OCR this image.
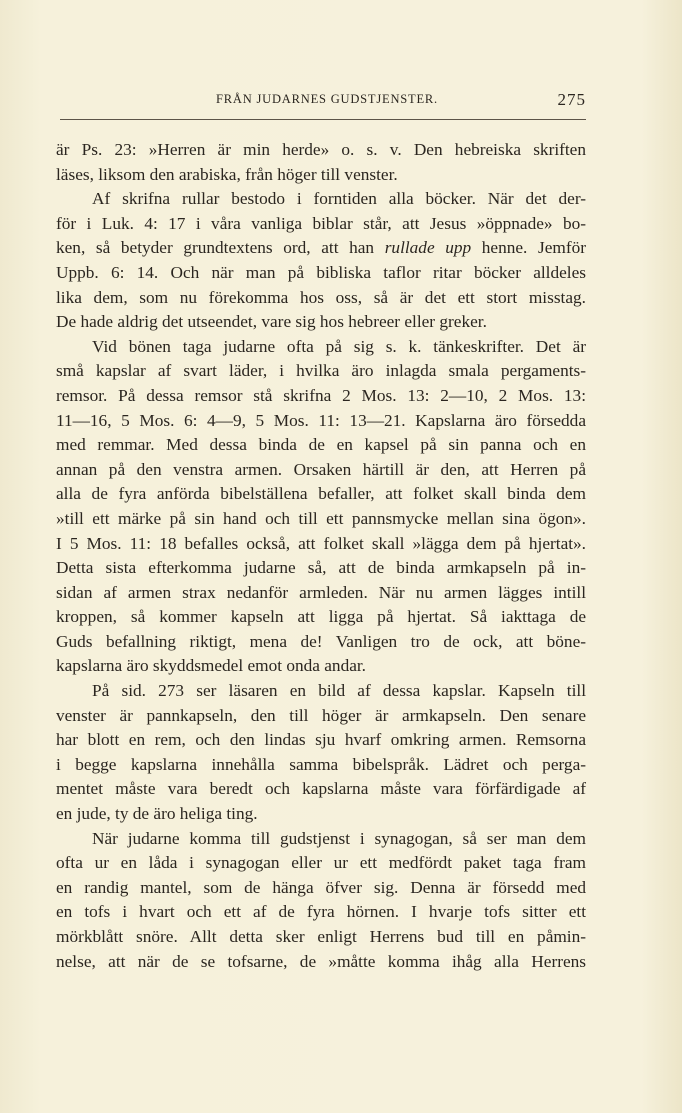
FRÅN JUDARNES GUDSTJENSTER.	275
är Ps. 23: »Herren är min herde» o. s. v. Den hebreiska skriften
läses, liksom den arabiska, från höger till venster.
Af skrifna rullar bestodo i forntiden alla böcker. När det der-
för i Luk. 4: 17 i våra vanliga biblar står, att Jesus »öppnade» bo-
ken, så betyder grundtextens ord, att han rullade upp henne. Jemför
Uppb. 6: 14. Och när man på bibliska taflor ritar böcker alldeles
lika dem, som nu förekomma hos oss, så är det ett stort misstag.
De hade aldrig det utseendet, vare sig hos hebreer eller greker.
Vid bönen taga judarne ofta på sig s. k. tänkeskrifter. Det är
små kapslar af svart läder, i hvilka äro inlagda smala pergaments-
remsor. På dessa remsor stå skrifna 2 Mos. 13: 2—10, 2 Mos. 13:
11—16, 5 Mos. 6: 4—9, 5 Mos. 11: 13—21. Kapslarna äro försedda
med remmar. Med dessa binda de en kapsel på sin panna och en
annan på den venstra armen. Orsaken härtill är den, att Herren på
alla de fyra anförda bibelställena befaller, att folket skall binda dem
»till ett märke på sin hand och till ett pannsmycke mellan sina ögon».
I 5 Mos. 11: 18 befalles också, att folket skall »lägga dem på hjertat».
Detta sista efterkomma judarne så, att de binda armkapseln på in-
sidan af armen strax nedanför armleden. När nu armen lägges intill
kroppen, så kommer kapseln att ligga på hjertat. Så iakttaga de
Guds befallning riktigt, mena de! Vanligen tro de ock, att böne-
kapslarna äro skyddsmedel emot onda andar.
På sid. 273 ser läsaren en bild af dessa kapslar. Kapseln till
venster är pannkapseln, den till höger är armkapseln. Den senare
har blott en rem, och den lindas sju hvarf omkring armen. Remsorna
i begge kapslarna innehålla samma bibelspråk. Lädret och perga-
mentet måste vara beredt och kapslarna måste vara förfärdigade af
en jude, ty de äro heliga ting.
När judarne komma till gudstjenst i synagogan, så ser man dem
ofta ur en låda i synagogan eller ur ett medfördt paket taga fram
en randig mantel, som de hänga öfver sig. Denna är försedd med
en tofs i hvart och ett af de fyra hörnen. I hvarje tofs sitter ett
mörkblått snöre. Allt detta sker enligt Herrens bud till en påmin-
nelse, att när de se tofsarne, de »måtte komma ihåg alla Herrens
